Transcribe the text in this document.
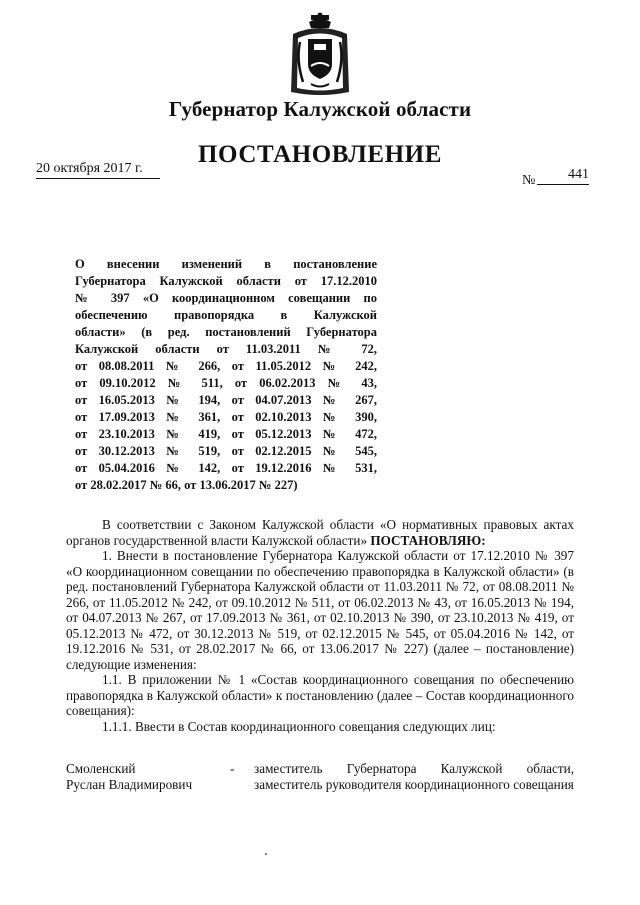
Губернатор Калужской области
ПОСТАНОВЛЕНИЕ
20 октября 2017 г.
№	441
О внесении изменений в постановление
Губернатора Калужской области от 17.12.2010
№ 397 «О координационном совещании по
обеспечению правопорядка в Калужской
области» (в ред. постановлений Губернатора
Калужской области от 11.03.2011 № 72,
от 08.08.2011 № 266, от 11.05.2012 № 242,
от 09.10.2012 № 511, от 06.02.2013 № 43,
от 16.05.2013 № 194, от 04.07.2013 № 267,
от 17.09.2013 № 361, от 02.10.2013 № 390,
от 23.10.2013 № 419, от 05.12.2013 № 472,
от 30.12.2013 № 519, от 02.12.2015 № 545,
от 05.04.2016 № 142, от 19.12.2016 № 531,
от 28.02.2017 № 66, от 13.06.2017 № 227)

В соответствии с Законом Калужской области «О нормативных правовых актах органов государственной власти Калужской области» ПОСТАНОВЛЯЮ:

1. Внести в постановление Губернатора Калужской области от 17.12.2010 № 397 «О координационном совещании по обеспечению правопорядка в Калужской области» (в ред. постановлений Губернатора Калужской области от 11.03.2011 № 72, от 08.08.2011 № 266, от 11.05.2012 № 242, от 09.10.2012 № 511, от 06.02.2013 № 43, от 16.05.2013 № 194, от 04.07.2013 № 267, от 17.09.2013 № 361, от 02.10.2013 № 390, от 23.10.2013 № 419, от 05.12.2013 № 472, от 30.12.2013 № 519, от 02.12.2015 № 545, от 05.04.2016 № 142, от 19.12.2016 № 531, от 28.02.2017 № 66, от 13.06.2017 № 227) (далее – постановление) следующие изменения:

1.1. В приложении № 1 «Состав координационного совещания по обеспечению правопорядка в Калужской области» к постановлению (далее – Состав координационного совещания):

1.1.1. Ввести в Состав координационного совещания следующих лиц:

Смоленский
Руслан Владимирович
- заместитель Губернатора Калужской области, заместитель руководителя координационного совещания
